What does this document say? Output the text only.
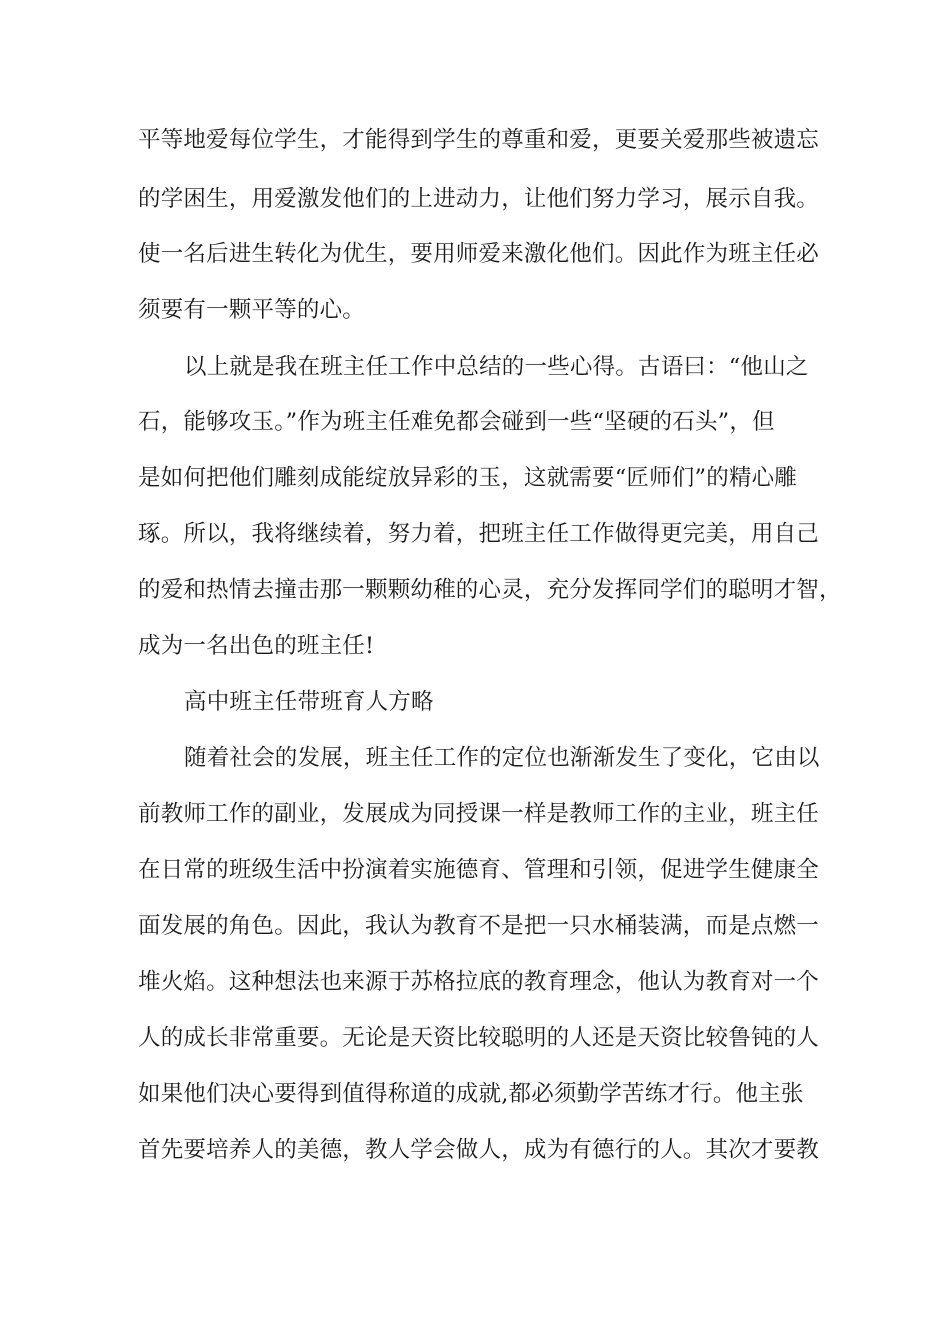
平等地爱每位学生，才能得到学生的尊重和爱，更要关爱那些被遗忘
的学困生，用爱激发他们的上进动力，让他们努力学习，展示自我。
使一名后进生转化为优生，要用师爱来激化他们。因此作为班主任必
须要有一颗平等的心。
以上就是我在班主任工作中总结的一些心得。古语曰：“他山之
石，能够攻玉。”作为班主任难免都会碰到一些“坚硬的石头”，但
是如何把他们雕刻成能绽放异彩的玉，这就需要“匠师们”的精心雕
琢。所以，我将继续着，努力着，把班主任工作做得更完美，用自己
的爱和热情去撞击那一颗颗幼稚的心灵，充分发挥同学们的聪明才智，
成为一名出色的班主任!
高中班主任带班育人方略
随着社会的发展，班主任工作的定位也渐渐发生了变化，它由以
前教师工作的副业，发展成为同授课一样是教师工作的主业，班主任
在日常的班级生活中扮演着实施德育、管理和引领，促进学生健康全
面发展的角色。因此，我认为教育不是把一只水桶装满，而是点燃一
堆火焰。这种想法也来源于苏格拉底的教育理念，他认为教育对一个
人的成长非常重要。无论是天资比较聪明的人还是天资比较鲁钝的人
如果他们决心要得到值得称道的成就,都必须勤学苦练才行。他主张
首先要培养人的美德，教人学会做人，成为有德行的人。其次才要教
